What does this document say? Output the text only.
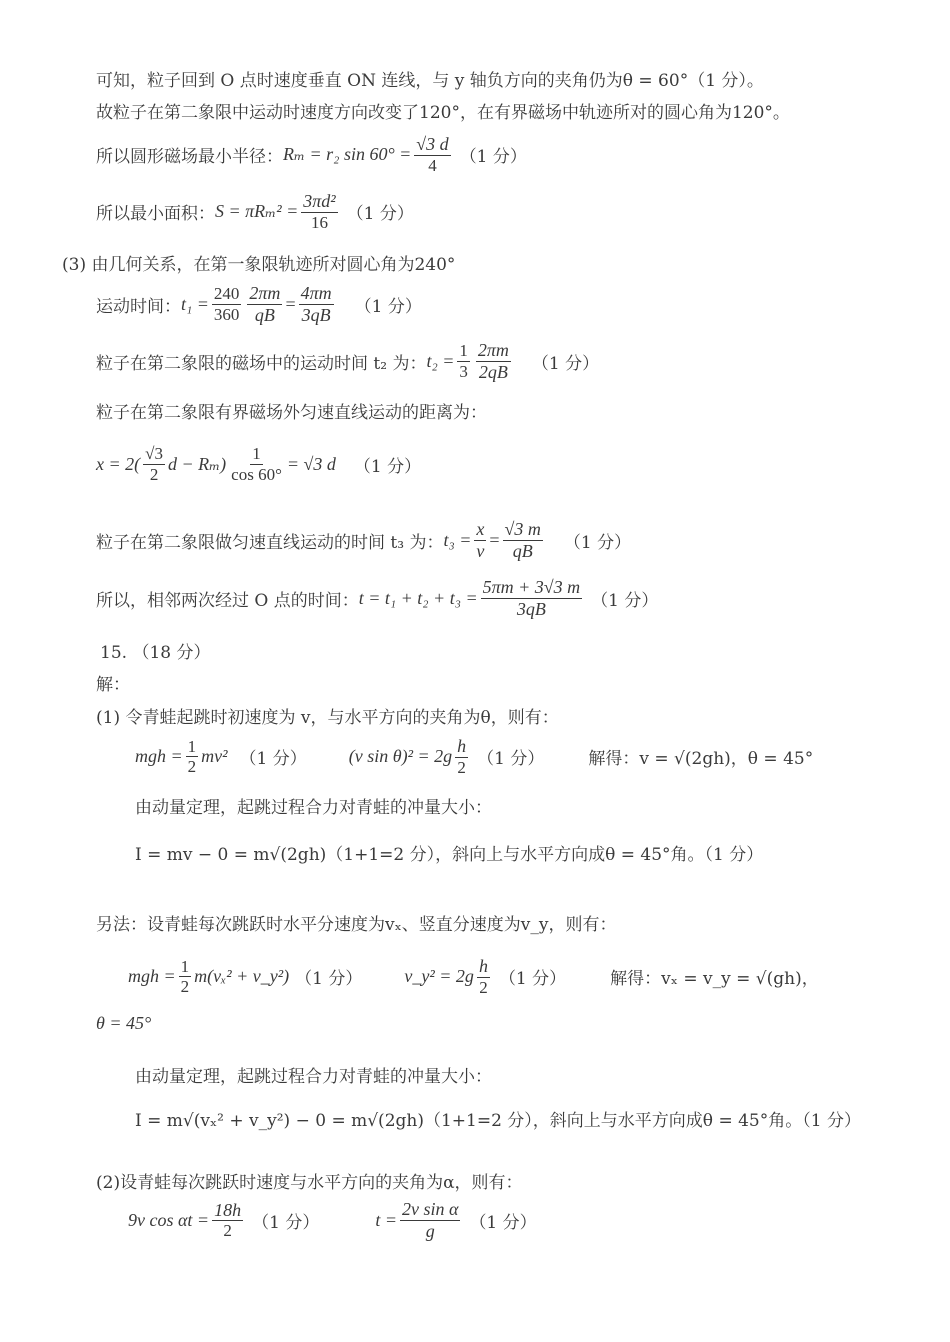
可知，粒子回到 O 点时速度垂直 ON 连线，与 y 轴负方向的夹角仍为θ = 60°（1 分）。
故粒子在第二象限中运动时速度方向改变了120°，在有界磁场中轨迹所对的圆心角为120°。
所以圆形磁场最小半径： Rₘ = r₂ $\sin 60^\circ = \frac{√3 d}{4} (1$ 分）
所以最小面积： $S = \pi R_m^2 = \frac{\text{3πd²}}{16} (1$ 分）
(3) 由几何关系，在第一象限轨迹所对圆心角为240°
运动时间： $t_1 = \frac{240}{360} \frac{2\pi m}{qB} = \frac{4\pi m}{3qB} (1$ 分）
粒子在第二象限的磁场中的运动时间 t₂ 为： $t_2 = \frac{1}{3} \frac{2\pi m}{2qB} (1$ 分）
粒子在第二象限有界磁场外匀速直线运动的距离为：
$x = 2( \frac{√3}{2}$ $d - R_m) \frac{1}{\cos 60^\circ} = √3$ d （1 分）
粒子在第二象限做匀速直线运动的时间 t₃ 为： $t_3 = \frac{x}{v} = \frac{√3 m}{qB} (1$ 分）
所以，相邻两次经过 O 点的时间： $t = t_1 + t_2 + t_3 = \frac{5\pi m + 3√3 m}{3qB} (1$ 分）
15. （18 分）
解：
(1) 令青蛙起跳时初速度为 v，与水平方向的夹角为θ，则有：
mgh = $\frac{1}{2} mv^2$ （1 分） (v $\sin \theta)^2 = 2g \frac{h}{2} (1$ 分）	解得：v = √(2gh)，θ = 45°
由动量定理，起跳过程合力对青蛙的冲量大小：
I = mv − 0 = m√(2gh)（1+1=2 分），斜向上与水平方向成θ = 45°角。（1 分）
另法：设青蛙每次跳跃时水平分速度为vₓ、竖直分速度为v_y，则有：
mgh = $\frac{1}{2} m(v_x^2$ + v_y²) （1 分） v_y² = $2g \frac{h}{2} (1$ 分）	解得：vₓ = v_y = √(gh)，
θ = 45°
由动量定理，起跳过程合力对青蛙的冲量大小：
I = m√(vₓ² + v_y²) − 0 = m√(2gh)（1+1=2 分），斜向上与水平方向成θ = 45°角。（1 分）
(2)设青蛙每次跳跃时速度与水平方向的夹角为α，则有：
9v $\cos \alpha t = \frac{18h}{2} (1$ 分）	$t = \frac{\text{2v sin α}}{g} (1$ 分）
